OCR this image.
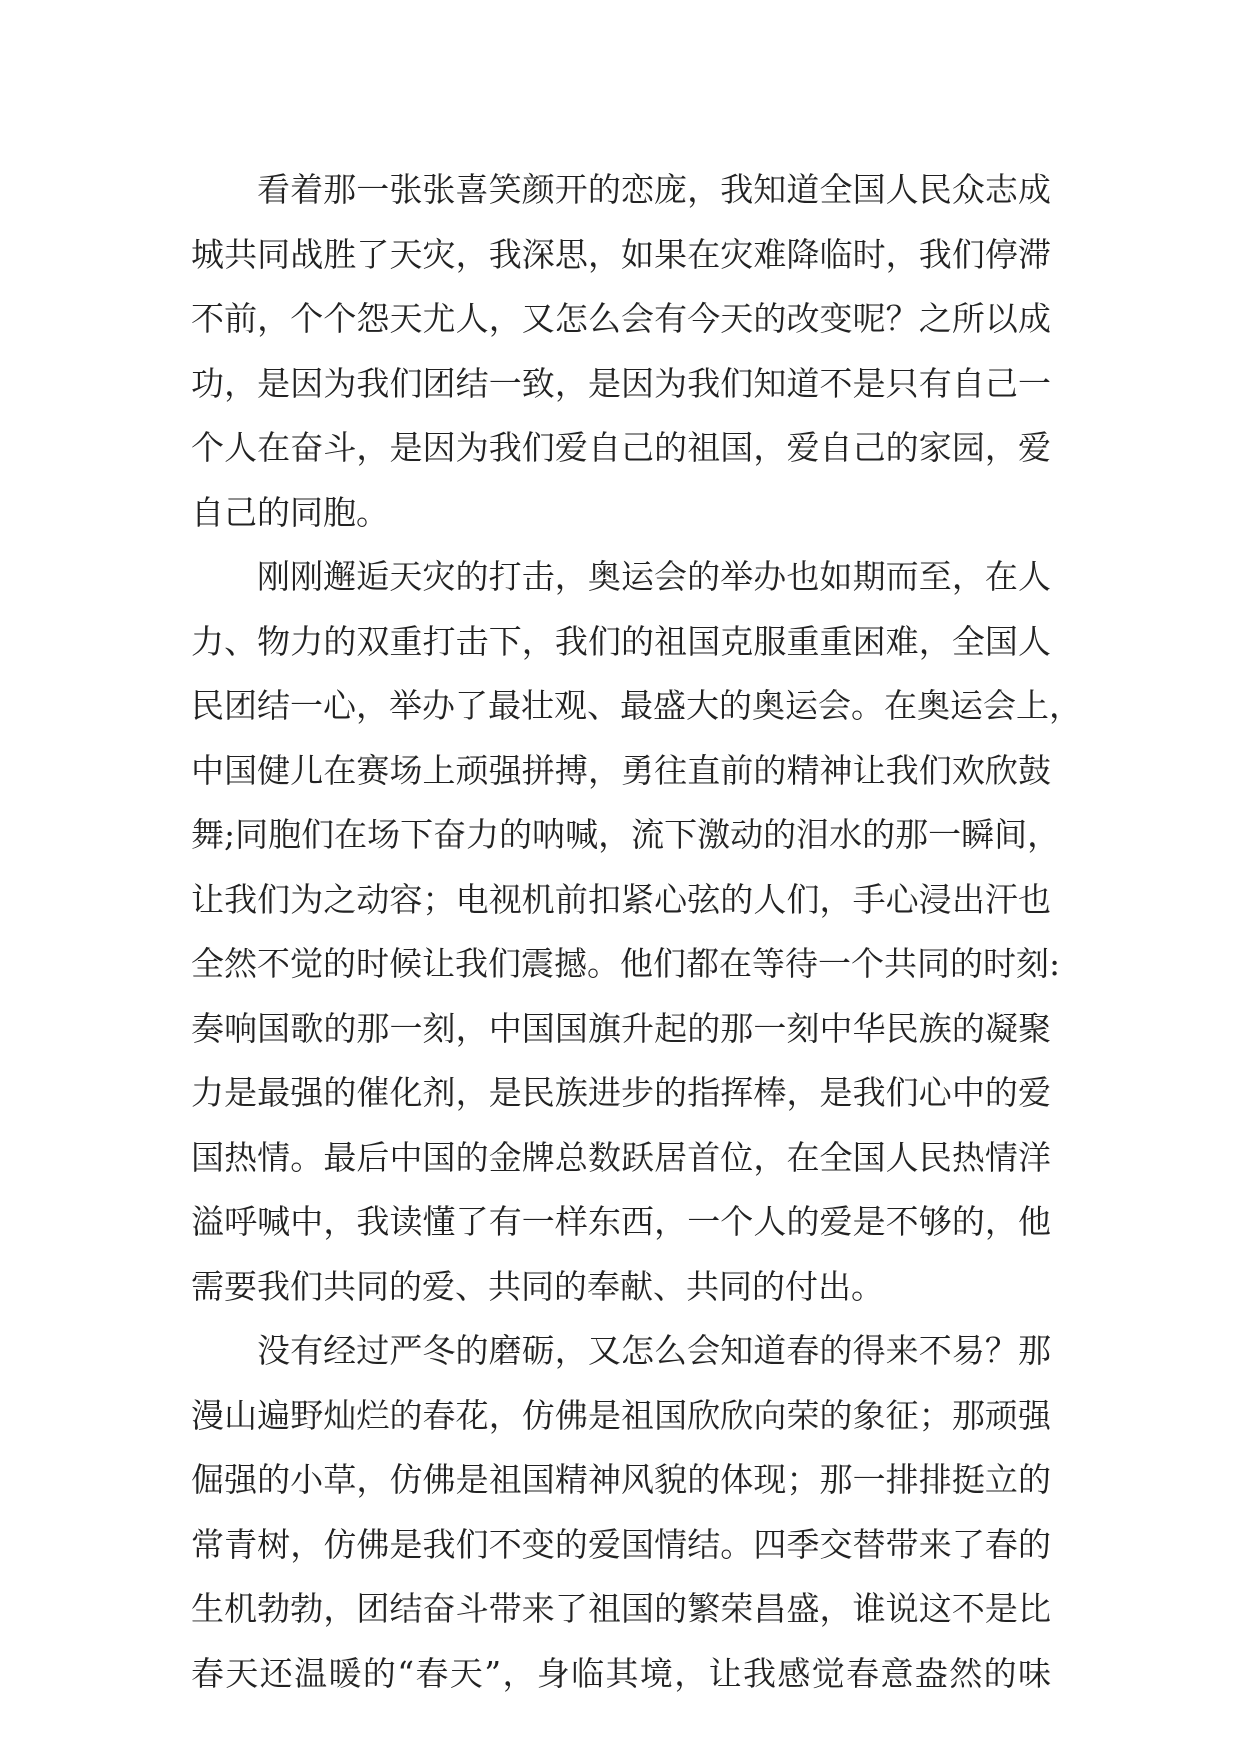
看着那一张张喜笑颜开的恋庞，我知道全国人民众志成
城共同战胜了天灾，我深思，如果在灾难降临时，我们停滞
不前，个个怨天尤人，又怎么会有今天的改变呢？之所以成
功，是因为我们团结一致，是因为我们知道不是只有自己一
个人在奋斗，是因为我们爱自己的祖国，爱自己的家园，爱
自己的同胞。
刚刚邂逅天灾的打击，奥运会的举办也如期而至，在人
力、物力的双重打击下，我们的祖国克服重重困难，全国人
民团结一心，举办了最壮观、最盛大的奥运会。在奥运会上，
中国健儿在赛场上顽强拼搏，勇往直前的精神让我们欢欣鼓
舞;同胞们在场下奋力的呐喊，流下激动的泪水的那一瞬间，
让我们为之动容；电视机前扣紧心弦的人们，手心浸出汗也
全然不觉的时候让我们震撼。他们都在等待一个共同的时刻:
奏响国歌的那一刻，中国国旗升起的那一刻中华民族的凝聚
力是最强的催化剂，是民族进步的指挥棒，是我们心中的爱
国热情。最后中国的金牌总数跃居首位，在全国人民热情洋
溢呼喊中，我读懂了有一样东西，一个人的爱是不够的，他
需要我们共同的爱、共同的奉献、共同的付出。
没有经过严冬的磨砺，又怎么会知道春的得来不易？那
漫山遍野灿烂的春花，仿佛是祖国欣欣向荣的象征；那顽强
倔强的小草，仿佛是祖国精神风貌的体现；那一排排挺立的
常青树，仿佛是我们不变的爱国情结。四季交替带来了春的
生机勃勃，团结奋斗带来了祖国的繁荣昌盛，谁说这不是比
春天还温暖的“春天”，身临其境，让我感觉春意盎然的味
